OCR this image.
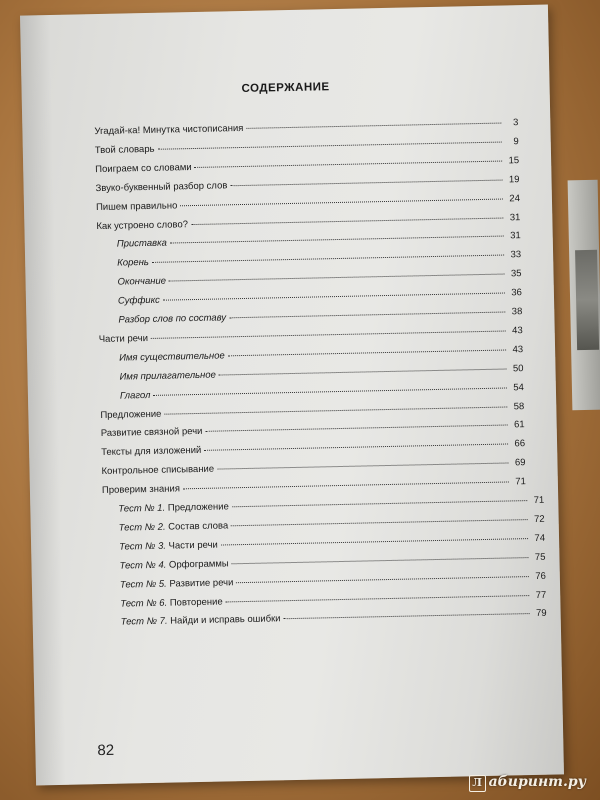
СОДЕРЖАНИЕ
Угадай-ка! Минутка чистописания
3
Твой словарь
9
Поиграем со словами
15
Звуко-буквенный разбор слов
19
Пишем правильно
24
Как устроено слово?
31
Приставка
31
Корень
33
Окончание
35
Суффикс
36
Разбор слов по составу
38
Части речи
43
Имя существительное
43
Имя прилагательное
50
Глагол
54
Предложение
58
Развитие связной речи
61
Тексты для изложений
66
Контрольное списывание
69
Проверим знания
71
Тест № 1. Предложение
71
Тест № 2. Состав слова
72
Тест № 3. Части речи
74
Тест № 4. Орфограммы
75
Тест № 5. Развитие речи
76
Тест № 6. Повторение
77
Тест № 7. Найди и исправь ошибки	79
82
Л абиринт.ру
